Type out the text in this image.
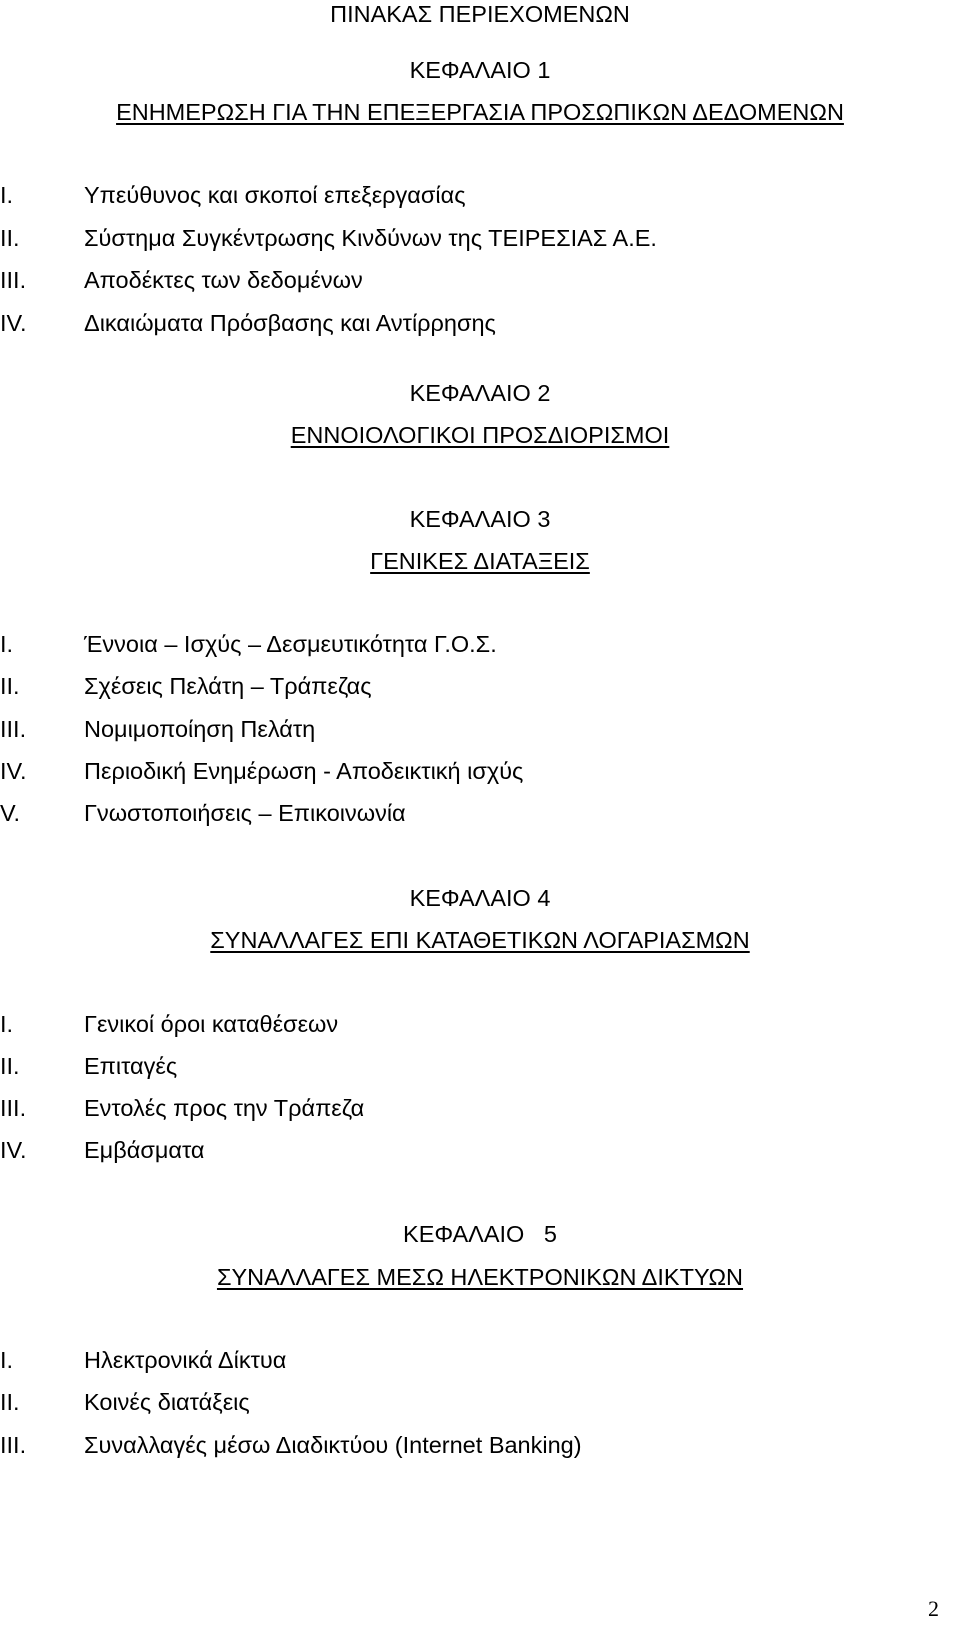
ΠΙΝΑΚΑΣ ΠΕΡΙΕΧΟΜΕΝΩΝ
ΚΕΦΑΛΑΙΟ 1
ΕΝΗΜΕΡΩΣΗ ΓΙΑ ΤΗΝ ΕΠΕΞΕΡΓΑΣΙΑ ΠΡΟΣΩΠΙΚΩΝ ΔΕΔΟΜΕΝΩΝ
I.	Υπεύθυνος και σκοποί επεξεργασίας
II.	Σύστημα Συγκέντρωσης Κινδύνων της ΤΕΙΡΕΣΙΑΣ Α.Ε.
III. Αποδέκτες των δεδομένων
IV. Δικαιώματα Πρόσβασης και Αντίρρησης
ΚΕΦΑΛΑΙΟ 2
ΕΝΝΟΙΟΛΟΓΙΚΟΙ ΠΡΟΣΔΙΟΡΙΣΜΟΙ
ΚΕΦΑΛΑΙΟ 3
ΓΕΝΙΚΕΣ ΔΙΑΤΑΞΕΙΣ
I.	Έννοια – Ισχύς – Δεσμευτικότητα Γ.Ο.Σ.
II.	Σχέσεις Πελάτη – Τράπεζας
III. Νομιμοποίηση Πελάτη
IV. Περιοδική Ενημέρωση - Αποδεικτική ισχύς
V.	Γνωστοποιήσεις – Επικοινωνία
ΚΕΦΑΛΑΙΟ 4
ΣΥΝΑΛΛΑΓΕΣ ΕΠΙ ΚΑΤΑΘΕΤΙΚΩΝ ΛΟΓΑΡΙΑΣΜΩΝ
I.	Γενικοί όροι καταθέσεων
II.	Επιταγές
III. Εντολές προς την Τράπεζα
IV. Εμβάσματα
ΚΕΦΑΛΑΙΟ   5
ΣΥΝΑΛΛΑΓΕΣ ΜΕΣΩ ΗΛΕΚΤΡΟΝΙΚΩΝ ΔΙΚΤΥΩΝ
I.	Ηλεκτρονικά Δίκτυα
II.	Κοινές διατάξεις
III. Συναλλαγές μέσω Διαδικτύου (Internet Banking)
2
